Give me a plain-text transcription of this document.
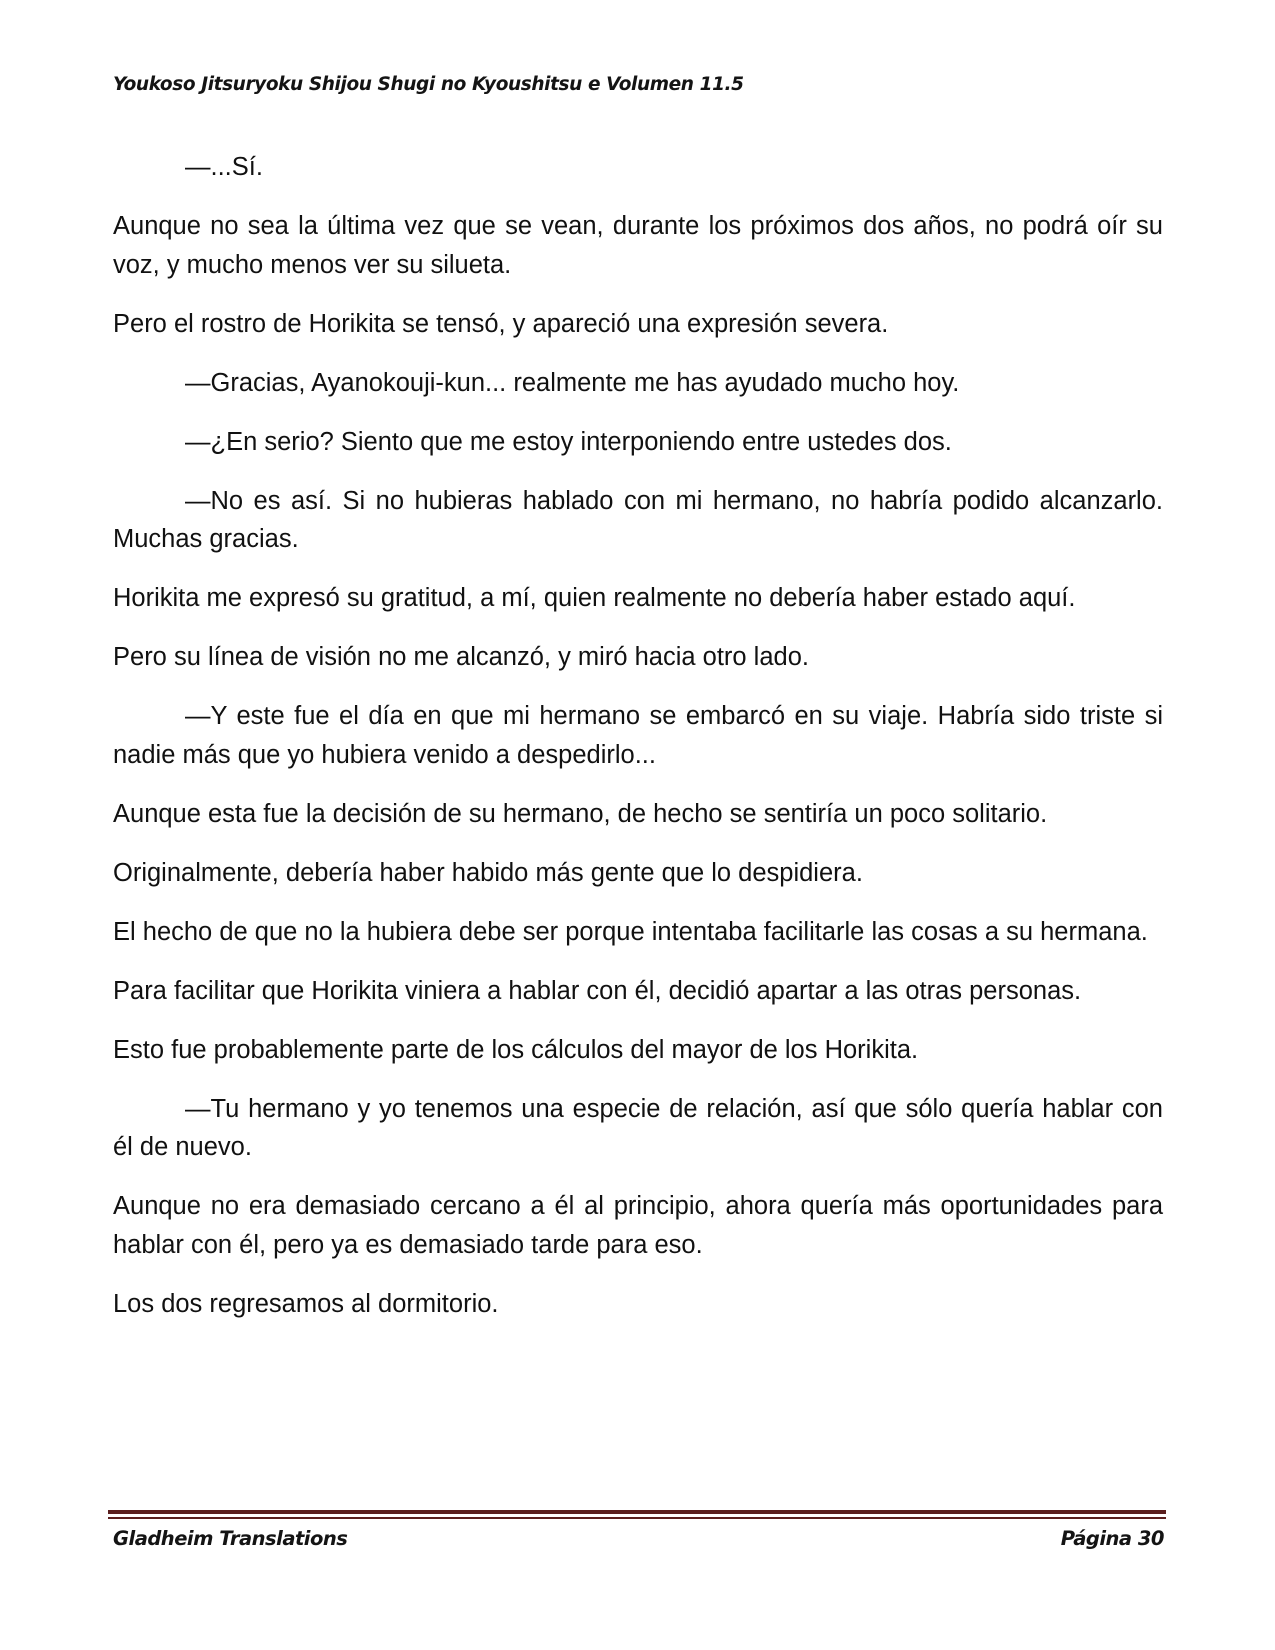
Youkoso Jitsuryoku Shijou Shugi no Kyoushitsu e Volumen 11.5

—...Sí.

Aunque no sea la última vez que se vean, durante los próximos dos años, no podrá oír su voz, y mucho menos ver su silueta.

Pero el rostro de Horikita se tensó, y apareció una expresión severa.

—Gracias, Ayanokouji-kun... realmente me has ayudado mucho hoy.

—¿En serio? Siento que me estoy interponiendo entre ustedes dos.

—No es así. Si no hubieras hablado con mi hermano, no habría podido alcanzarlo. Muchas gracias.

Horikita me expresó su gratitud, a mí, quien realmente no debería haber estado aquí.

Pero su línea de visión no me alcanzó, y miró hacia otro lado.

—Y este fue el día en que mi hermano se embarcó en su viaje. Habría sido triste si nadie más que yo hubiera venido a despedirlo...

Aunque esta fue la decisión de su hermano, de hecho se sentiría un poco solitario.

Originalmente, debería haber habido más gente que lo despidiera.

El hecho de que no la hubiera debe ser porque intentaba facilitarle las cosas a su hermana.

Para facilitar que Horikita viniera a hablar con él, decidió apartar a las otras personas.

Esto fue probablemente parte de los cálculos del mayor de los Horikita.

—Tu hermano y yo tenemos una especie de relación, así que sólo quería hablar con él de nuevo.

Aunque no era demasiado cercano a él al principio, ahora quería más oportunidades para hablar con él, pero ya es demasiado tarde para eso.

Los dos regresamos al dormitorio.

Gladheim Translations	Página 30
